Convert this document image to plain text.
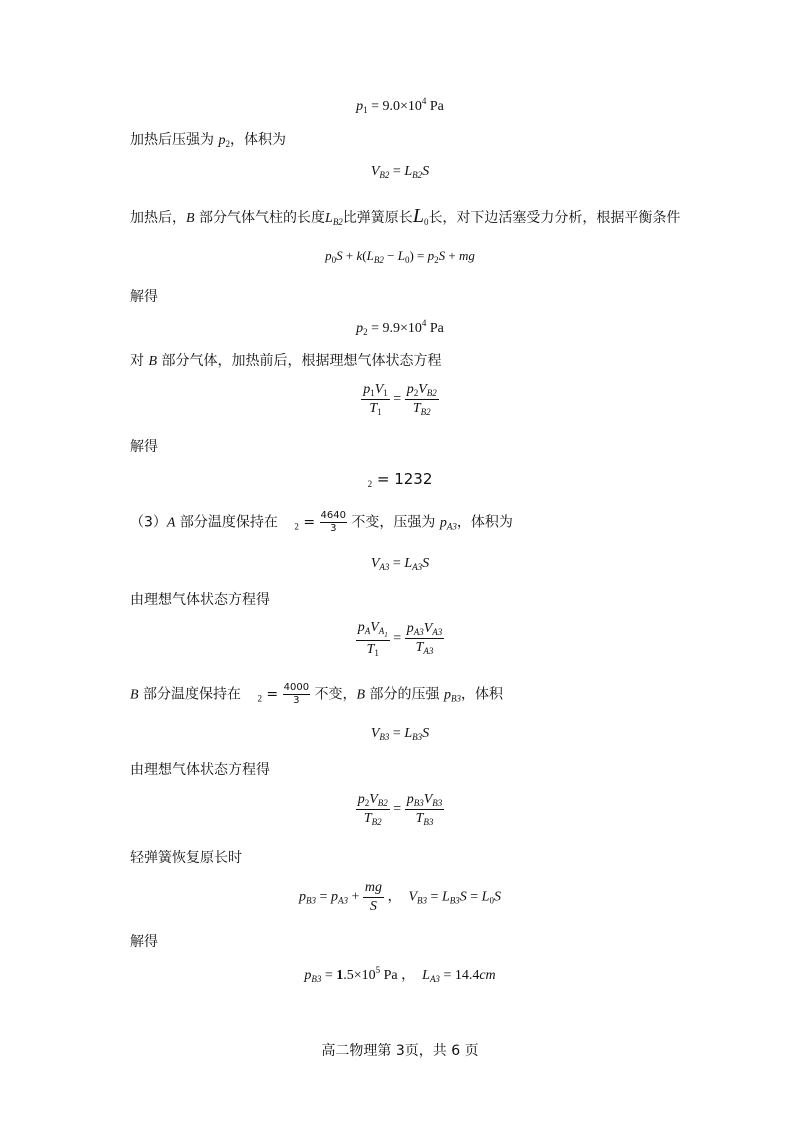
$p_1 = 9.0\times 10^4$ Pa
加热后压强为 $p_2$，体积为
$V_{B2} = L_{B2}S$
加热后，B 部分气体气柱的长度$L_{B2}$比弹簧原长$L_0$长，对下边活塞受力分析，根据平衡条件
$p_0S + k(L_{B2} - L_0) = p_2S$ + mg
解得
$p_2 = 9.9\times 10^4$ Pa
对 B 部分气体，加热前后，根据理想气体状态方程
$\frac{p_1V_1}{T_1} = \frac{p_2V_{B2}}{T_{B2}}$
解得
$_2$ = 1232
（3）A 部分温度保持在 $_2 = \frac{4640}{3}$ 不变，压强为 $p_{A3}$，体积为
$V_{A3} = L_{A3}S$
由理想气体状态方程得
$\frac{p_AV_{A_1}}{T_1} = \frac{p_{A3}V_{A3}}{T_{A3}}$
B 部分温度保持在 $_2 = \frac{4000}{3}$ 不变，B 部分的压强 $p_{B3}$，体积
$V_{B3} = L_{B3}S$
由理想气体状态方程得
$\frac{p_2V_{B2}}{T_{B2}} = \frac{p_{B3}V_{B3}}{T_{B3}}$
轻弹簧恢复原长时
$p_{B3} = p_{A3} + \frac{mg}{S}$ ，  $V_{B3} = L_{B3}S = L_0S$
解得
$p_{B3} = 1.5\times 10^5$ Pa ，  $L_{A3} = 14.4cm$
高二物理第 3页，共 6 页
